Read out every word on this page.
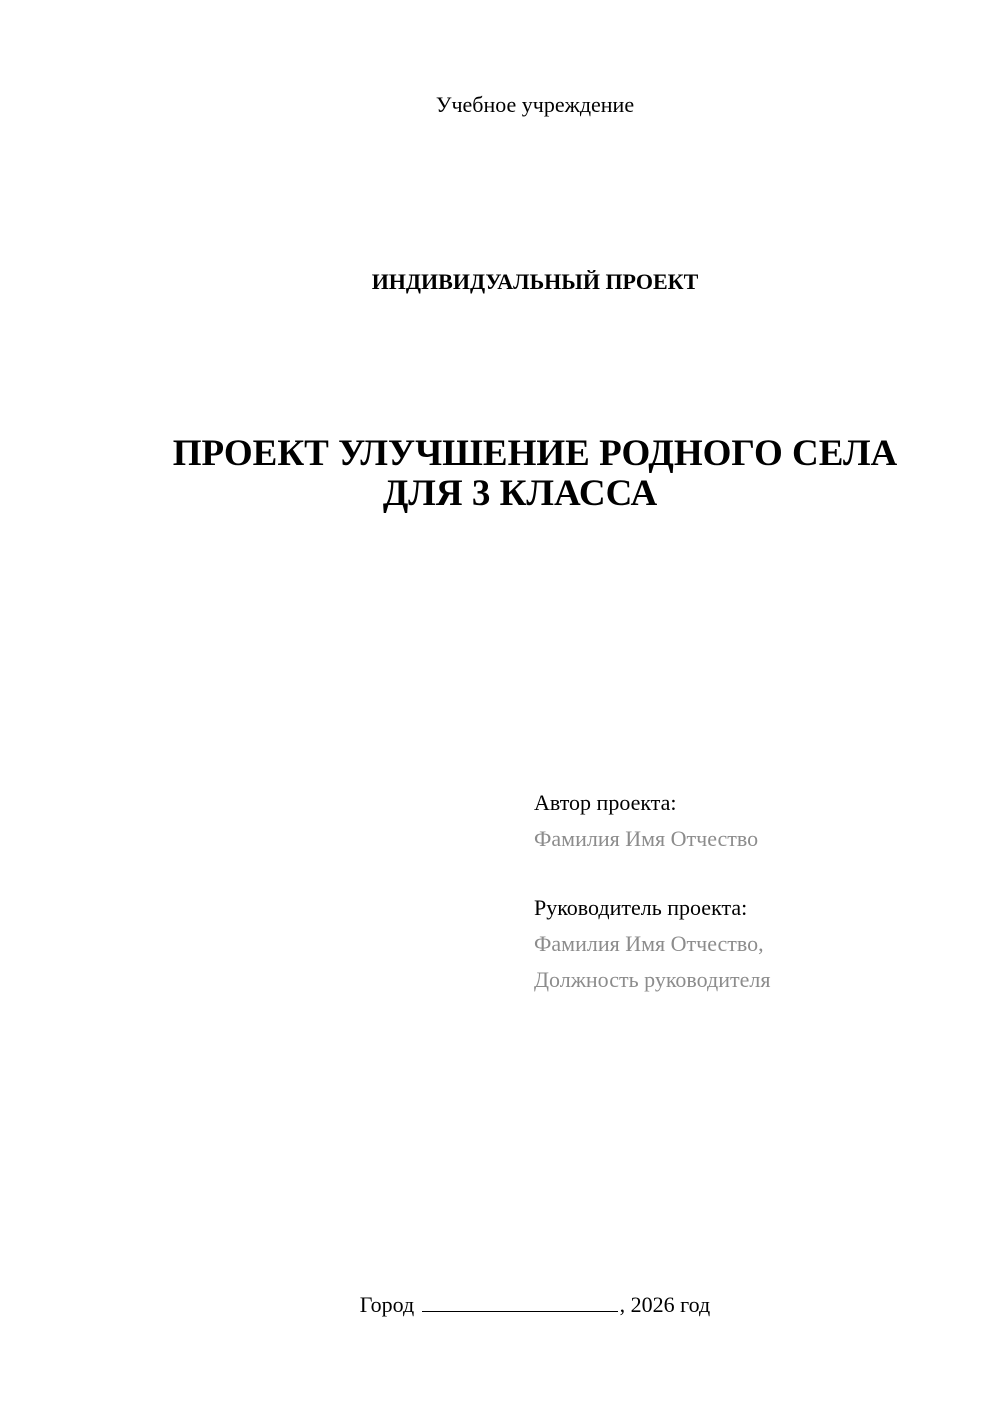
Учебное учреждение
ИНДИВИДУАЛЬНЫЙ ПРОЕКТ
ПРОЕКТ УЛУЧШЕНИЕ РОДНОГО СЕЛА
ДЛЯ 3 КЛАССА
Автор проекта:
Фамилия Имя Отчество
Руководитель проекта:
Фамилия Имя Отчество,
Должность руководителя
Город	, 2026 год
